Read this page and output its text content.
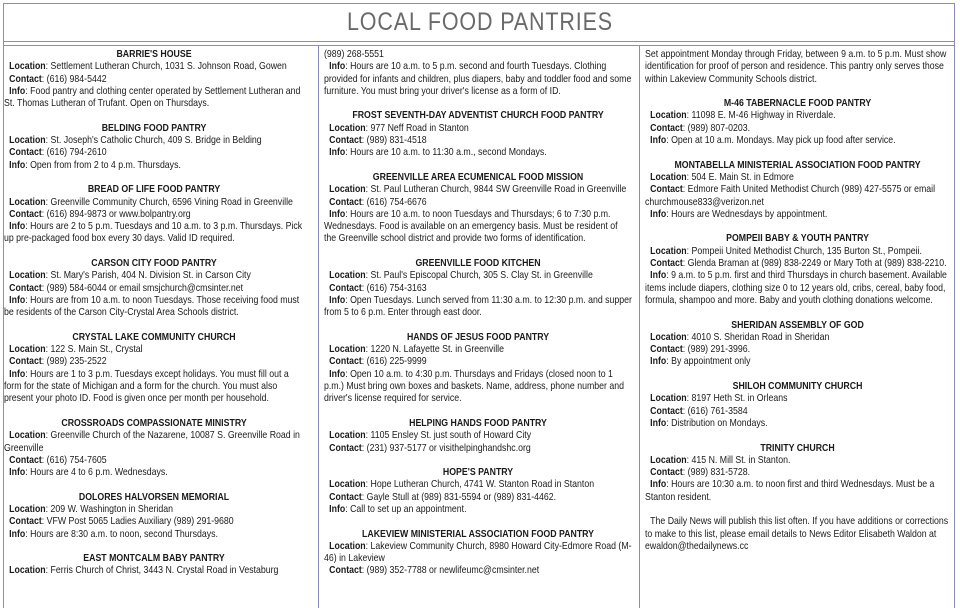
LOCAL FOOD PANTRIES
BARRIE'S HOUSE
Location: Settlement Lutheran Church, 1031 S. Johnson Road, Gowen
Contact: (616) 984-5442
Info: Food pantry and clothing center operated by Settlement Lutheran and St. Thomas Lutheran of Trufant. Open on Thursdays.
BELDING FOOD PANTRY
Location: St. Joseph's Catholic Church, 409 S. Bridge in Belding
Contact: (616) 794-2610
Info: Open from from 2 to 4 p.m. Thursdays.
BREAD OF LIFE FOOD PANTRY
Location: Greenville Community Church, 6596 Vining Road in Greenville
Contact: (616) 894-9873 or www.bolpantry.org
Info: Hours are 2 to 5 p.m. Tuesdays and 10 a.m. to 3 p.m. Thursdays. Pick up pre-packaged food box every 30 days. Valid ID required.
CARSON CITY FOOD PANTRY
Location: St. Mary's Parish, 404 N. Division St. in Carson City
Contact: (989) 584-6044 or email smsjchurch@cmsinter.net
Info: Hours are from 10 a.m. to noon Tuesdays. Those receiving food must be residents of the Carson City-Crystal Area Schools district.
CRYSTAL LAKE COMMUNITY CHURCH
Location: 122 S. Main St., Crystal
Contact: (989) 235-2522
Info: Hours are 1 to 3 p.m. Tuesdays except holidays. You must fill out a form for the state of Michigan and a form for the church. You must also present your photo ID. Food is given once per month per household.
CROSSROADS COMPASSIONATE MINISTRY
Location: Greenville Church of the Nazarene, 10087 S. Greenville Road in Greenville
Contact: (616) 754-7605
Info: Hours are 4 to 6 p.m. Wednesdays.
DOLORES HALVORSEN MEMORIAL
Location: 209 W. Washington in Sheridan
Contact: VFW Post 5065 Ladies Auxiliary (989) 291-9680
Info: Hours are 8:30 a.m. to noon, second Thursdays.
EAST MONTCALM BABY PANTRY
Location: Ferris Church of Christ, 3443 N. Crystal Road in Vestaburg
(989) 268-5551
Info: Hours are 10 a.m. to 5 p.m. second and fourth Tuesdays. Clothing provided for infants and children, plus diapers, baby and toddler food and some furniture. You must bring your driver's license as a form of ID.
FROST SEVENTH-DAY ADVENTIST CHURCH FOOD PANTRY
Location: 977 Neff Road in Stanton
Contact: (989) 831-4518
Info: Hours are 10 a.m. to 11:30 a.m., second Mondays.
GREENVILLE AREA ECUMENICAL FOOD MISSION
Location: St. Paul Lutheran Church, 9844 SW Greenville Road in Greenville
Contact: (616) 754-6676
Info: Hours are 10 a.m. to noon Tuesdays and Thursdays; 6 to 7:30 p.m. Wednesdays. Food is available on an emergency basis. Must be resident of the Greenville school district and provide two forms of identification.
GREENVILLE FOOD KITCHEN
Location: St. Paul's Episcopal Church, 305 S. Clay St. in Greenville
Contact: (616) 754-3163
Info: Open Tuesdays. Lunch served from 11:30 a.m. to 12:30 p.m. and supper from 5 to 6 p.m. Enter through east door.
HANDS OF JESUS FOOD PANTRY
Location: 1220 N. Lafayette St. in Greenville
Contact: (616) 225-9999
Info: Open 10 a.m. to 4:30 p.m. Thursdays and Fridays (closed noon to 1 p.m.) Must bring own boxes and baskets. Name, address, phone number and driver's license required for service.
HELPING HANDS FOOD PANTRY
Location: 1105 Ensley St. just south of Howard City
Contact: (231) 937-5177 or visithelpinghandshc.org
HOPE'S PANTRY
Location: Hope Lutheran Church, 4741 W. Stanton Road in Stanton
Contact: Gayle Stull at (989) 831-5594 or (989) 831-4462.
Info: Call to set up an appointment.
LAKEVIEW MINISTERIAL ASSOCIATION FOOD PANTRY
Location: Lakeview Community Church, 8980 Howard City-Edmore Road (M-46) in Lakeview
Contact: (989) 352-7788 or newlifeumc@cmsinter.net
Set appointment Monday through Friday, between 9 a.m. to 5 p.m. Must show identification for proof of person and residence. This pantry only serves those within Lakeview Community Schools district.
M-46 TABERNACLE FOOD PANTRY
Location: 11098 E. M-46 Highway in Riverdale.
Contact: (989) 807-0203.
Info: Open at 10 a.m. Mondays. May pick up food after service.
MONTABELLA MINISTERIAL ASSOCIATION FOOD PANTRY
Location: 504 E. Main St. in Edmore
Contact: Edmore Faith United Methodist Church (989) 427-5575 or email churchmouse833@verizon.net
Info: Hours are Wednesdays by appointment.
POMPEII BABY & YOUTH PANTRY
Location: Pompeii United Methodist Church, 135 Burton St., Pompeii.
Contact: Glenda Braman at (989) 838-2249 or Mary Toth at (989) 838-2210.
Info: 9 a.m. to 5 p.m. first and third Thursdays in church basement. Available items include diapers, clothing size 0 to 12 years old, cribs, cereal, baby food, formula, shampoo and more. Baby and youth clothing donations welcome.
SHERIDAN ASSEMBLY OF GOD
Location: 4010 S. Sheridan Road in Sheridan
Contact: (989) 291-3996.
Info: By appointment only
SHILOH COMMUNITY CHURCH
Location: 8197 Heth St. in Orleans
Contact: (616) 761-3584
Info: Distribution on Mondays.
TRINITY CHURCH
Location: 415 N. Mill St. in Stanton.
Contact: (989) 831-5728.
Info: Hours are 10:30 a.m. to noon first and third Wednesdays. Must be a Stanton resident.
The Daily News will publish this list often. If you have additions or corrections to make to this list, please email details to News Editor Elisabeth Waldon at ewaldon@thedailynews.cc
